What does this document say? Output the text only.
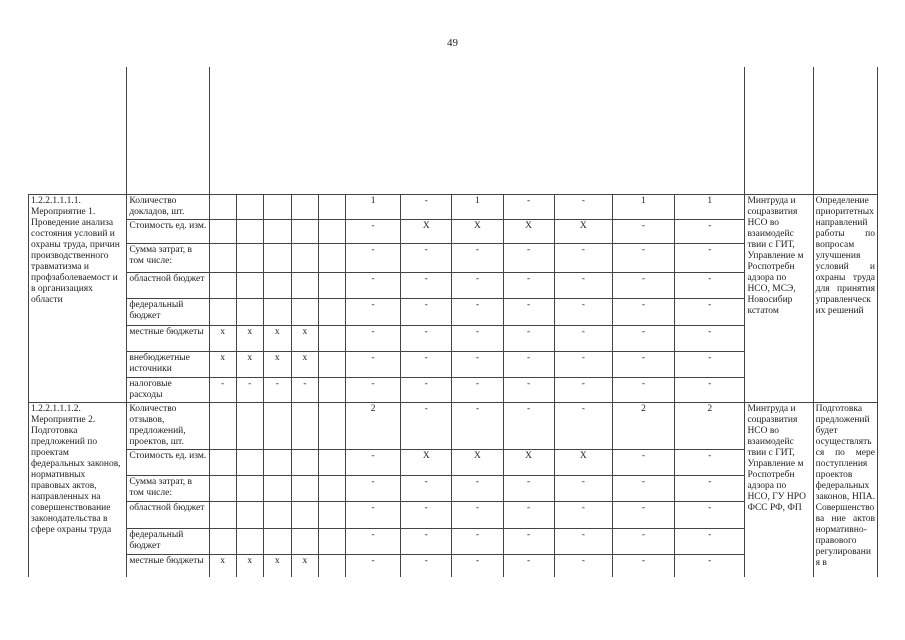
49

1.2.2.1.1.1.1.
Мероприятие 1. Проведение анализа состояния условий и охраны труда, причин производственного травматизма и профзаболеваемост и в организациях области	Количество докладов, шт.						1	-	1	-	-	1	1	Минтруда и соцразвития НСО во взаимодейс твии с ГИТ, Управление м Роспотребн адзора по НСО, МСЭ, Новосибир кстатом	Определение приоритетных направлений работы по вопросам улучшения условий и охраны труда для принятия управленческих решений
	Стоимость ед. изм.						-	X	X	X	X	-	-		
	Сумма затрат, в том числе:						-	-	-	-	-	-	-		
	областной бюджет						-	-	-	-	-	-	-		
	федеральный бюджет						-	-	-	-	-	-	-		
	местные бюджеты	x	x	x	x		-	-	-	-	-	-	-		
	внебюджетные источники	x	x	x	x		-	-	-	-	-	-	-		
	налоговые расходы	-	-	-	-		-	-	-	-	-	-	-		

1.2.2.1.1.1.2.
Мероприятие 2. Подготовка предложений по проектам федеральных законов, нормативных правовых актов, направленных на совершенствование законодательства в сфере охраны труда	Количество отзывов, предложений, проектов, шт.						2	-	-	-	-	2	2	Минтруда и соцразвития НСО во взаимодейс твии с ГИТ, Управление м Роспотребн адзора по НСО, ГУ НРО ФСС РФ, ФП	Подготовка предложений будет осуществляться по мере поступления проектов федеральных законов, НПА. Совершенствова ние актов нормативно-правового регулирования в
	Стоимость ед. изм.						-	X	X	X	X	-	-		
	Сумма затрат, в том числе:						-	-	-	-	-	-	-		
	областной бюджет						-	-	-	-	-	-	-		
	федеральный бюджет						-	-	-	-	-	-	-		
	местные бюджеты	x	x	x	x		-	-	-	-	-	-	-		
